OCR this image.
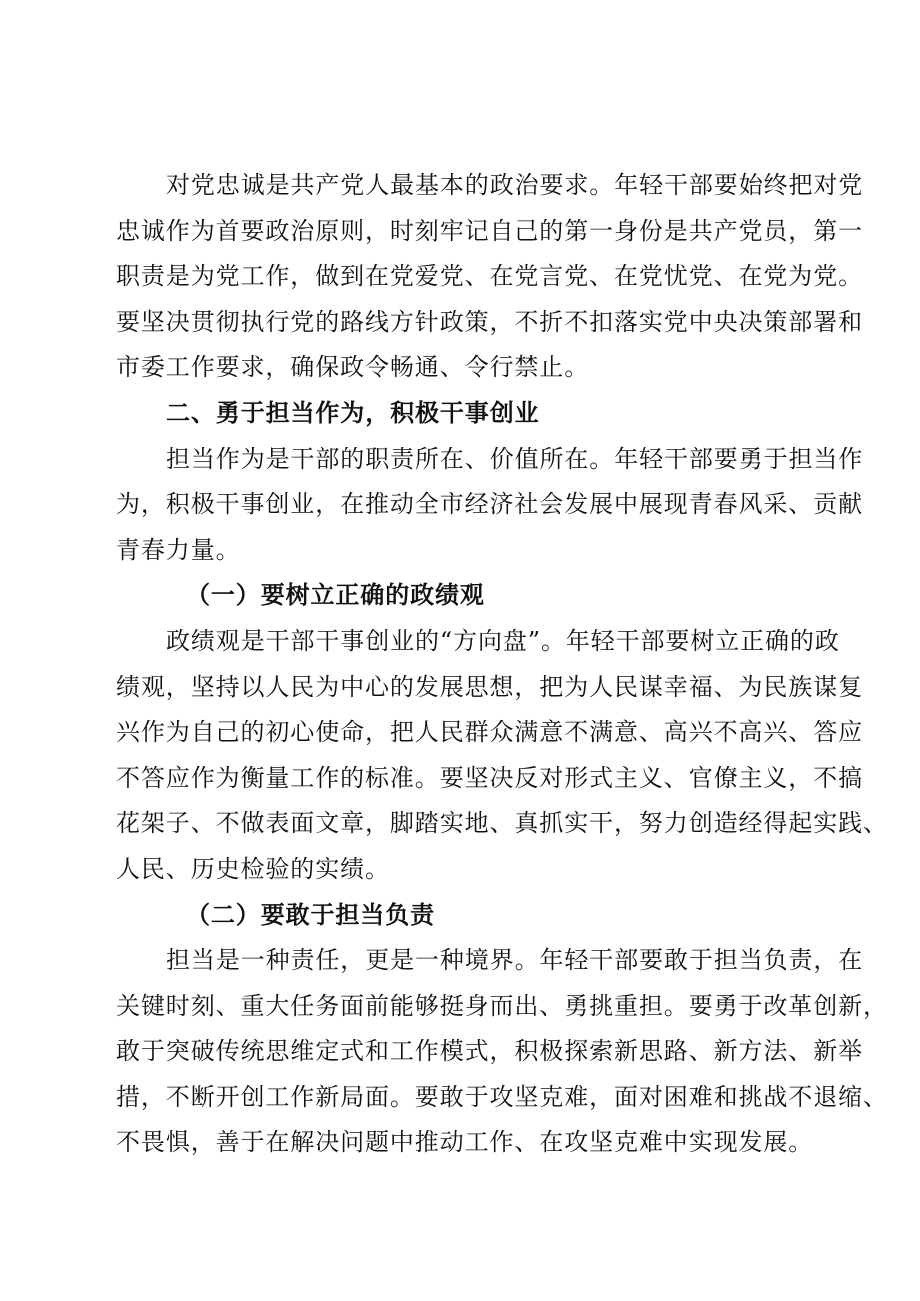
对党忠诚是共产党人最基本的政治要求。年轻干部要始终把对党
忠诚作为首要政治原则，时刻牢记自己的第一身份是共产党员，第一
职责是为党工作，做到在党爱党、在党言党、在党忧党、在党为党。
要坚决贯彻执行党的路线方针政策，不折不扣落实党中央决策部署和
市委工作要求，确保政令畅通、令行禁止。
二、勇于担当作为，积极干事创业
担当作为是干部的职责所在、价值所在。年轻干部要勇于担当作
为，积极干事创业，在推动全市经济社会发展中展现青春风采、贡献
青春力量。
（一）要树立正确的政绩观
政绩观是干部干事创业的“方向盘”。年轻干部要树立正确的政
绩观，坚持以人民为中心的发展思想，把为人民谋幸福、为民族谋复
兴作为自己的初心使命，把人民群众满意不满意、高兴不高兴、答应
不答应作为衡量工作的标准。要坚决反对形式主义、官僚主义，不搞
花架子、不做表面文章，脚踏实地、真抓实干，努力创造经得起实践、
人民、历史检验的实绩。
（二）要敢于担当负责
担当是一种责任，更是一种境界。年轻干部要敢于担当负责，在
关键时刻、重大任务面前能够挺身而出、勇挑重担。要勇于改革创新，
敢于突破传统思维定式和工作模式，积极探索新思路、新方法、新举
措，不断开创工作新局面。要敢于攻坚克难，面对困难和挑战不退缩、
不畏惧，善于在解决问题中推动工作、在攻坚克难中实现发展。
